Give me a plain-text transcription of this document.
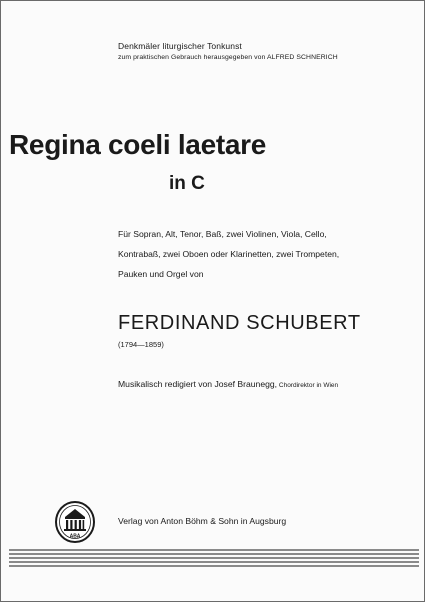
Denkmäler liturgischer Tonkunst
zum praktischen Gebrauch herausgegeben von ALFRED SCHNERICH
Regina coeli laetare
in C
Für Sopran, Alt, Tenor, Baß, zwei Violinen, Viola, Cello,
Kontrabaß, zwei Oboen oder Klarinetten, zwei Trompeten,
Pauken und Orgel von
FERDINAND SCHUBERT
(1794—1859)
Musikalisch redigiert von Josef Braunegg, Chordirektor in Wien
ABA
Verlag von Anton Böhm & Sohn in Augsburg
